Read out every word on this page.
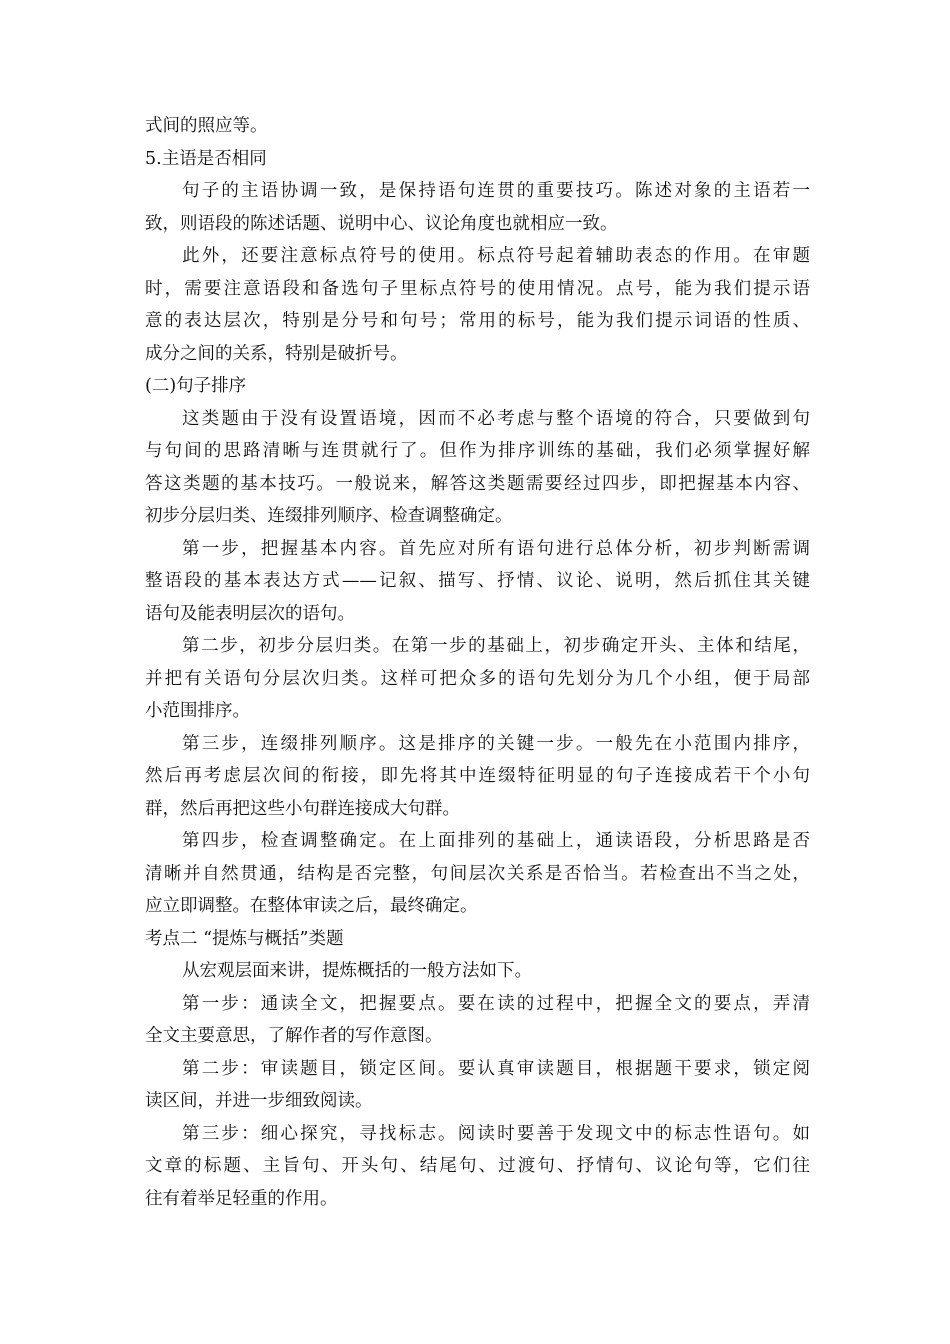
式间的照应等。
5.主语是否相同
句子的主语协调一致，是保持语句连贯的重要技巧。陈述对象的主语若一
致，则语段的陈述话题、说明中心、议论角度也就相应一致。
此外，还要注意标点符号的使用。标点符号起着辅助表态的作用。在审题
时，需要注意语段和备选句子里标点符号的使用情况。点号，能为我们提示语
意的表达层次，特别是分号和句号；常用的标号，能为我们提示词语的性质、
成分之间的关系，特别是破折号。
(二)句子排序
这类题由于没有设置语境，因而不必考虑与整个语境的符合，只要做到句
与句间的思路清晰与连贯就行了。但作为排序训练的基础，我们必须掌握好解
答这类题的基本技巧。一般说来，解答这类题需要经过四步，即把握基本内容、
初步分层归类、连缀排列顺序、检查调整确定。
第一步，把握基本内容。首先应对所有语句进行总体分析，初步判断需调
整语段的基本表达方式——记叙、描写、抒情、议论、说明，然后抓住其关键
语句及能表明层次的语句。
第二步，初步分层归类。在第一步的基础上，初步确定开头、主体和结尾，
并把有关语句分层次归类。这样可把众多的语句先划分为几个小组，便于局部
小范围排序。
第三步，连缀排列顺序。这是排序的关键一步。一般先在小范围内排序，
然后再考虑层次间的衔接，即先将其中连缀特征明显的句子连接成若干个小句
群，然后再把这些小句群连接成大句群。
第四步，检查调整确定。在上面排列的基础上，通读语段，分析思路是否
清晰并自然贯通，结构是否完整，句间层次关系是否恰当。若检查出不当之处，
应立即调整。在整体审读之后，最终确定。
考点二 “提炼与概括”类题
从宏观层面来讲，提炼概括的一般方法如下。
第一步：通读全文，把握要点。要在读的过程中，把握全文的要点，弄清
全文主要意思，了解作者的写作意图。
第二步：审读题目，锁定区间。要认真审读题目，根据题干要求，锁定阅
读区间，并进一步细致阅读。
第三步：细心探究，寻找标志。阅读时要善于发现文中的标志性语句。如
文章的标题、主旨句、开头句、结尾句、过渡句、抒情句、议论句等，它们往
往有着举足轻重的作用。
